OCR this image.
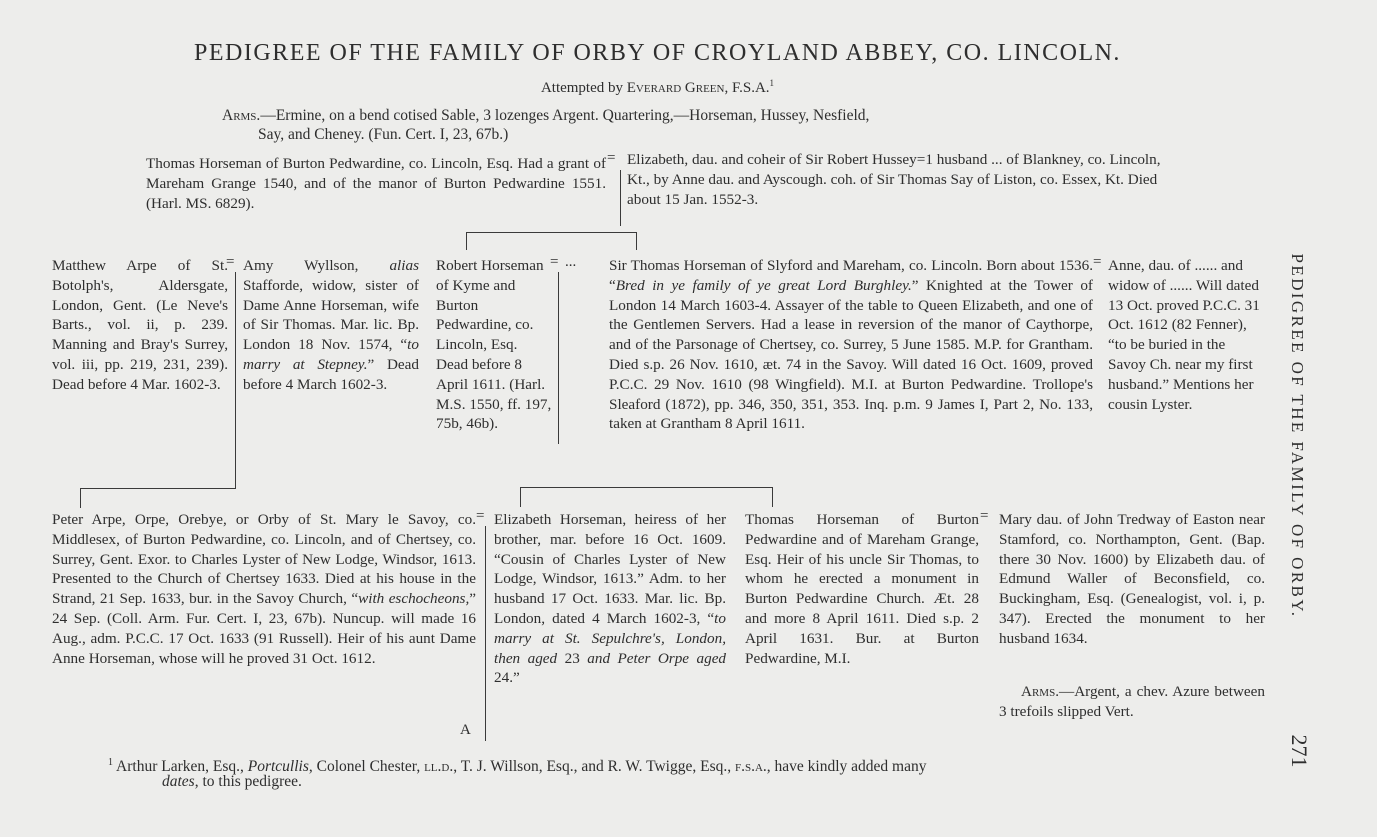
PEDIGREE OF THE FAMILY OF ORBY OF CROYLAND ABBEY, CO. LINCOLN.

Attempted by Everard Green, F.S.A.$^1$

Arms.—Ermine, on a bend cotised Sable, 3 lozenges Argent. Quartering,—Horseman, Hussey, Nesfield,

Say, and Cheney. (Fun. Cert. I, 23, 67b.)

Thomas Horseman of Burton Pedwardine, co. Lincoln, Esq. Had a grant of Mareham Grange 1540, and of the manor of Burton Pedwardine 1551. (Harl. MS. 6829).

= Elizabeth, dau. and coheir of Sir Robert Hussey=1 husband ... of Blankney, co. Lincoln, Kt., by Anne dau. and Ayscough. coh. of Sir Thomas Say of Liston, co. Essex, Kt. Died about 15 Jan. 1552-3.

Matthew Arpe of St. Botolph's, Aldersgate, London, Gent. (Le Neve's Barts., vol. ii, p. 239. Manning and Bray's Surrey, vol. iii, pp. 219, 231, 239). Dead before 4 Mar. 1602-3.

= Amy Wyllson, alias Stafforde, widow, sister of Dame Anne Horseman, wife of Sir Thomas. Mar. lic. Bp. London 18 Nov. 1574, “to marry at Stepney.” Dead before 4 March 1602-3.

Robert Horseman of Kyme and Burton Pedwardine, co. Lincoln, Esq. Dead before 8 April 1611. (Harl. M.S. 1550, ff. 197, 75b, 46b).

= ... Sir Thomas Horseman of Slyford and Mareham, co. Lincoln. Born about 1536. “Bred in ye family of ye great Lord Burghley.” Knighted at the Tower of London 14 March 1603-4. Assayer of the table to Queen Elizabeth, and one of the Gentlemen Servers. Had a lease in reversion of the manor of Caythorpe, and of the Parsonage of Chertsey, co. Surrey, 5 June 1585. M.P. for Grantham. Died s.p. 26 Nov. 1610, æt. 74 in the Savoy. Will dated 16 Oct. 1609, proved P.C.C. 29 Nov. 1610 (98 Wingfield). M.I. at Burton Pedwardine. Trollope's Sleaford (1872), pp. 346, 350, 351, 353. Inq. p.m. 9 James I, Part 2, No. 133, taken at Grantham 8 April 1611.

= Anne, dau. of ...... and widow of ...... Will dated 13 Oct. proved P.C.C. 31 Oct. 1612 (82 Fenner), “to be buried in the Savoy Ch. near my first husband.” Mentions her cousin Lyster.

Peter Arpe, Orpe, Orebye, or Orby of St. Mary le Savoy, co. Middlesex, of Burton Pedwardine, co. Lincoln, and of Chertsey, co. Surrey, Gent. Exor. to Charles Lyster of New Lodge, Windsor, 1613. Presented to the Church of Chertsey 1633. Died at his house in the Strand, 21 Sep. 1633, bur. in the Savoy Church, “with eschocheons,” 24 Sep. (Coll. Arm. Fur. Cert. I, 23, 67b). Nuncup. will made 16 Aug., adm. P.C.C. 17 Oct. 1633 (91 Russell). Heir of his aunt Dame Anne Horseman, whose will he proved 31 Oct. 1612.

= Elizabeth Horseman, heiress of her brother, mar. before 16 Oct. 1609. “Cousin of Charles Lyster of New Lodge, Windsor, 1613.” Adm. to her husband 17 Oct. 1633. Mar. lic. Bp. London, dated 4 March 1602-3, “to marry at St. Sepulchre's, London, then aged 23 and Peter Orpe aged 24.”

Thomas Horseman of Burton Pedwardine and of Mareham Grange, Esq. Heir of his uncle Sir Thomas, to whom he erected a monument in Burton Pedwardine Church. Æt. 28 and more 8 April 1611. Died s.p. 2 April 1631. Bur. at Burton Pedwardine, M.I.

= Mary dau. of John Tredway of Easton near Stamford, co. Northampton, Gent. (Bap. there 30 Nov. 1600) by Elizabeth dau. of Edmund Waller of Beconsfield, co. Buckingham, Esq. (Genealogist, vol. i, p. 347). Erected the monument to her husband 1634.

Arms.—Argent, a chev. Azure between 3 trefoils slipped Vert.

A

$^1$ Arthur Larken, Esq., Portcullis, Colonel Chester, ll.d., T. J. Willson, Esq., and R. W. Twigge, Esq., f.s.a., have kindly added many

dates, to this pedigree.

PEDIGREE OF THE FAMILY OF ORBY.
271
